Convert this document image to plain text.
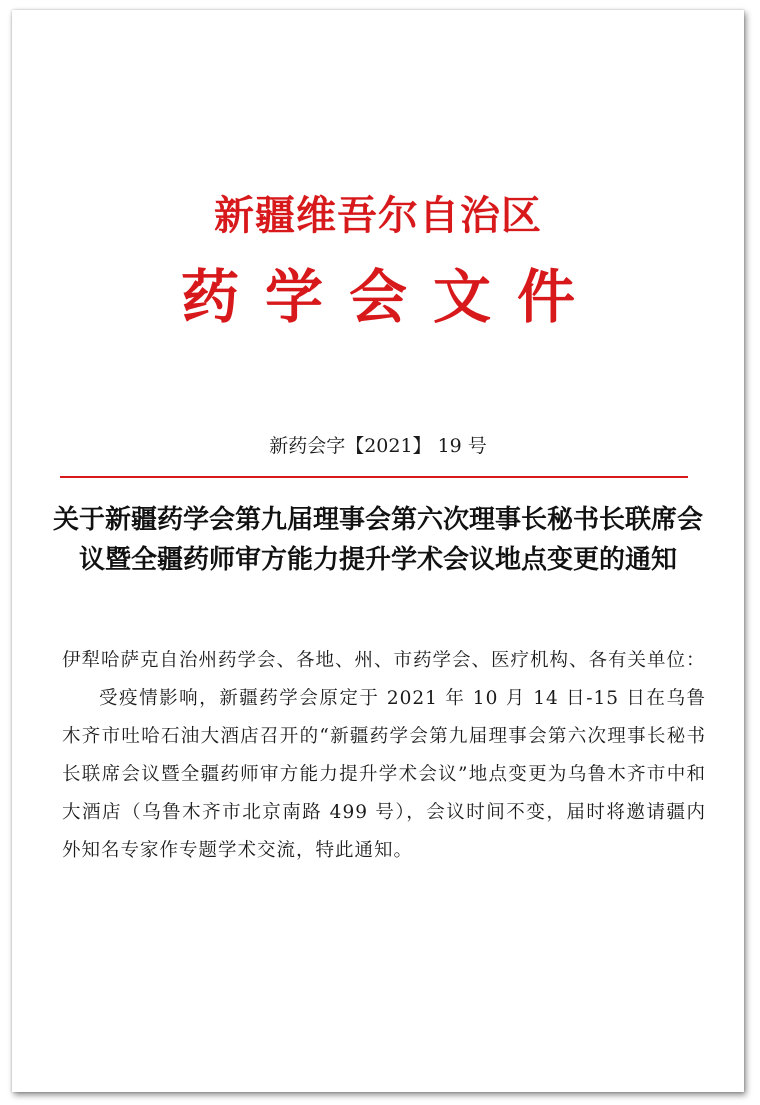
新疆维吾尔自治区
药学会文件
新药会字【2021】 19 号
关于新疆药学会第九届理事会第六次理事长秘书长联席会议暨全疆药师审方能力提升学术会议地点变更的通知

伊犁哈萨克自治州药学会、各地、州、市药学会、医疗机构、各有关单位：

受疫情影响，新疆药学会原定于 2021 年 10 月 14 日-15 日在乌鲁木齐市吐哈石油大酒店召开的“新疆药学会第九届理事会第六次理事长秘书长联席会议暨全疆药师审方能力提升学术会议”地点变更为乌鲁木齐市中和大酒店（乌鲁木齐市北京南路 499 号），会议时间不变，届时将邀请疆内外知名专家作专题学术交流，特此通知。
